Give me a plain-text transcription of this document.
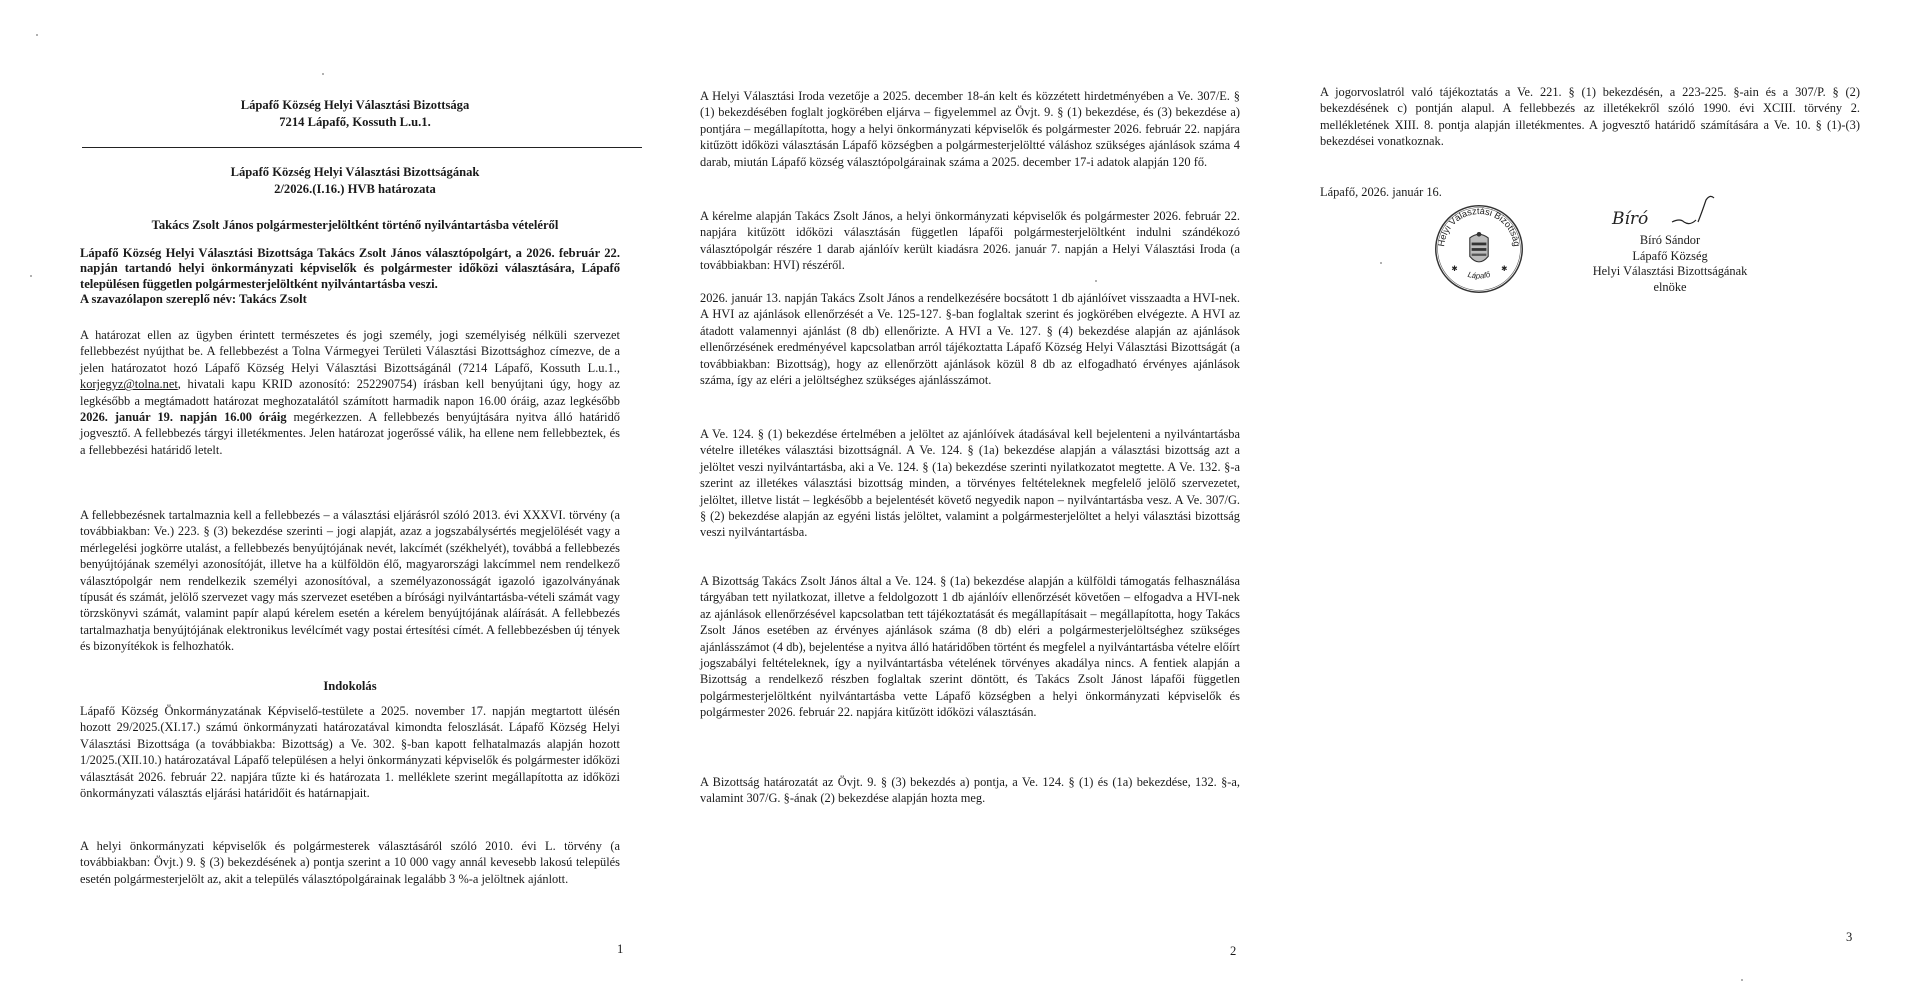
Lápafő Község Helyi Választási Bizottsága
7214 Lápafő, Kossuth L.u.1.
Lápafő Község Helyi Választási Bizottságának
2/2026.(I.16.) HVB határozata
Takács Zsolt János polgármesterjelöltként történő nyilvántartásba vételéről
Lápafő Község Helyi Választási Bizottsága Takács Zsolt János választópolgárt, a 2026. február 22. napján tartandó helyi önkormányzati képviselők és polgármester időközi választására, Lápafő településen független polgármesterjelöltként nyilvántartásba veszi.
A szavazólapon szereplő név: Takács Zsolt

A határozat ellen az ügyben érintett természetes és jogi személy, jogi személyiség nélküli szervezet fellebbezést nyújthat be. A fellebbezést a Tolna Vármegyei Területi Választási Bizottsághoz címezve, de a jelen határozatot hozó Lápafő Község Helyi Választási Bizottságánál (7214 Lápafő, Kossuth L.u.1., korjegyz@tolna.net, hivatali kapu KRID azonosító: 252290754) írásban kell benyújtani úgy, hogy az legkésőbb a megtámadott határozat meghozatalától számított harmadik napon 16.00 óráig, azaz legkésőbb 2026. január 19. napján 16.00 óráig megérkezzen. A fellebbezés benyújtására nyitva álló határidő jogvesztő. A fellebbezés tárgyi illetékmentes. Jelen határozat jogerőssé válik, ha ellene nem fellebbeztek, és a fellebbezési határidő letelt.

A fellebbezésnek tartalmaznia kell a fellebbezés – a választási eljárásról szóló 2013. évi XXXVI. törvény (a továbbiakban: Ve.) 223. § (3) bekezdése szerinti – jogi alapját, azaz a jogszabálysértés megjelölését vagy a mérlegelési jogkörre utalást, a fellebbezés benyújtójának nevét, lakcímét (székhelyét), továbbá a fellebbezés benyújtójának személyi azonosítóját, illetve ha a külföldön élő, magyarországi lakcímmel nem rendelkező választópolgár nem rendelkezik személyi azonosítóval, a személyazonosságát igazoló igazolványának típusát és számát, jelölő szervezet vagy más szervezet esetében a bírósági nyilvántartásba-vételi számát vagy törzskönyvi számát, valamint papír alapú kérelem esetén a kérelem benyújtójának aláírását. A fellebbezés tartalmazhatja benyújtójának elektronikus levélcímét vagy postai értesítési címét. A fellebbezésben új tények és bizonyítékok is felhozhatók.

Indokolás

Lápafő Község Önkormányzatának Képviselő-testülete a 2025. november 17. napján megtartott ülésén hozott 29/2025.(XI.17.) számú önkormányzati határozatával kimondta feloszlását. Lápafő Község Helyi Választási Bizottsága (a továbbiakba: Bizottság) a Ve. 302. §-ban kapott felhatalmazás alapján hozott 1/2025.(XII.10.) határozatával Lápafő településen a helyi önkormányzati képviselők és polgármester időközi választását 2026. február 22. napjára tűzte ki és határozata 1. melléklete szerint megállapította az időközi önkormányzati választás eljárási határidőit és határnapjait.

A helyi önkormányzati képviselők és polgármesterek választásáról szóló 2010. évi L. törvény (a továbbiakban: Övjt.) 9. § (3) bekezdésének a) pontja szerint a 10 000 vagy annál kevesebb lakosú település esetén polgármesterjelölt az, akit a település választópolgárainak legalább 3 %-a jelöltnek ajánlott.

1

A Helyi Választási Iroda vezetője a 2025. december 18-án kelt és közzétett hirdetményében a Ve. 307/E. § (1) bekezdésében foglalt jogkörében eljárva – figyelemmel az Övjt. 9. § (1) bekezdése, és (3) bekezdése a) pontjára – megállapította, hogy a helyi önkormányzati képviselők és polgármester 2026. február 22. napjára kitűzött időközi választásán Lápafő községben a polgármesterjelöltté váláshoz szükséges ajánlások száma 4 darab, miután Lápafő község választópolgárainak száma a 2025. december 17-i adatok alapján 120 fő.

A kérelme alapján Takács Zsolt János, a helyi önkormányzati képviselők és polgármester 2026. február 22. napjára kitűzött időközi választásán független lápafői polgármesterjelöltként indulni szándékozó választópolgár részére 1 darab ajánlóív került kiadásra 2026. január 7. napján a Helyi Választási Iroda (a továbbiakban: HVI) részéről.

2026. január 13. napján Takács Zsolt János a rendelkezésére bocsátott 1 db ajánlóívet visszaadta a HVI-nek. A HVI az ajánlások ellenőrzését a Ve. 125-127. §-ban foglaltak szerint és jogkörében elvégezte. A HVI az átadott valamennyi ajánlást (8 db) ellenőrizte. A HVI a Ve. 127. § (4) bekezdése alapján az ajánlások ellenőrzésének eredményével kapcsolatban arról tájékoztatta Lápafő Község Helyi Választási Bizottságát (a továbbiakban: Bizottság), hogy az ellenőrzött ajánlások közül 8 db az elfogadható érvényes ajánlások száma, így az eléri a jelöltséghez szükséges ajánlásszámot.

A Ve. 124. § (1) bekezdése értelmében a jelöltet az ajánlóívek átadásával kell bejelenteni a nyilvántartásba vételre illetékes választási bizottságnál. A Ve. 124. § (1a) bekezdése alapján a választási bizottság azt a jelöltet veszi nyilvántartásba, aki a Ve. 124. § (1a) bekezdése szerinti nyilatkozatot megtette. A Ve. 132. §-a szerint az illetékes választási bizottság minden, a törvényes feltételeknek megfelelő jelölő szervezetet, jelöltet, illetve listát – legkésőbb a bejelentését követő negyedik napon – nyilvántartásba vesz. A Ve. 307/G. § (2) bekezdése alapján az egyéni listás jelöltet, valamint a polgármesterjelöltet a helyi választási bizottság veszi nyilvántartásba.

A Bizottság Takács Zsolt János által a Ve. 124. § (1a) bekezdése alapján a külföldi támogatás felhasználása tárgyában tett nyilatkozat, illetve a feldolgozott 1 db ajánlóív ellenőrzését követően – elfogadva a HVI-nek az ajánlások ellenőrzésével kapcsolatban tett tájékoztatását és megállapításait – megállapította, hogy Takács Zsolt János esetében az érvényes ajánlások száma (8 db) eléri a polgármesterjelöltséghez szükséges ajánlásszámot (4 db), bejelentése a nyitva álló határidőben történt és megfelel a nyilvántartásba vételre előírt jogszabályi feltételeknek, így a nyilvántartásba vételének törvényes akadálya nincs. A fentiek alapján a Bizottság a rendelkező részben foglaltak szerint döntött, és Takács Zsolt Jánost lápafői független polgármesterjelöltként nyilvántartásba vette Lápafő községben a helyi önkormányzati képviselők és polgármester 2026. február 22. napjára kitűzött időközi választásán.

A Bizottság határozatát az Övjt. 9. § (3) bekezdés a) pontja, a Ve. 124. § (1) és (1a) bekezdése, 132. §-a, valamint 307/G. §-ának (2) bekezdése alapján hozta meg.

2

A jogorvoslatról való tájékoztatás a Ve. 221. § (1) bekezdésén, a 223-225. §-ain és a 307/P. § (2) bekezdésének c) pontján alapul. A fellebbezés az illetékekről szóló 1990. évi XCIII. törvény 2. mellékletének XIII. 8. pontja alapján illetékmentes. A jogvesztő határidő számítására a Ve. 10. § (1)-(3) bekezdései vonatkoznak.

Lápafő, 2026. január 16.

Helyi Választási Bizottság
Lápafő
✱	✱
Bíró
Bíró Sándor
Lápafő Község
Helyi Választási Bizottságának
elnöke
3
